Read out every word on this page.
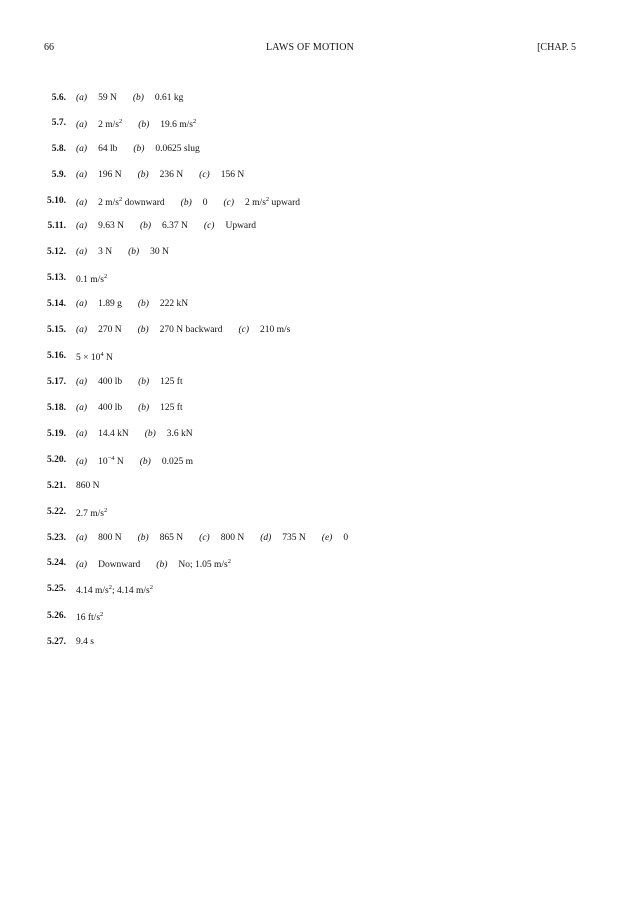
66	LAWS OF MOTION	[CHAP. 5
5.6. (a) 59 N (b) 0.61 kg
5.7. (a) 2 $m/s^2$ (b) 19.6 $m/s^2$
5.8. (a) 64 lb (b) 0.0625 slug
5.9. (a) 196 N (b) 236 N (c) 156 N
5.10. (a) 2 $m/s^2$ downward (b) 0 (c) 2 $m/s^2$ upward
5.11. (a) 9.63 N (b) 6.37 N (c) Upward
5.12. (a) 3 N (b) 30 N
5.13. 0.1 $m/s^2$
5.14. (a) 1.89 g (b) 222 kN
5.15. (a) 270 N (b) 270 N backward (c) 210 m/s
5.16. $5 \times 10^4$ N
5.17. (a) 400 lb (b) 125 ft
5.18. (a) 400 lb (b) 125 ft
5.19. (a) 14.4 kN (b) 3.6 kN
5.20. (a) $10^{-4}$ N (b) 0.025 m
5.21. 860 N
5.22. 2.7 $m/s^2$
5.23. (a) 800 N (b) 865 N (c) 800 N (d) 735 N (e) 0
5.24. (a) Downward (b) No; 1.05 $m/s^2$
5.25. 4.14 $m/s^2$; 4.14 $m/s^2$
5.26. 16 $ft/s^2$
5.27. 9.4 s
